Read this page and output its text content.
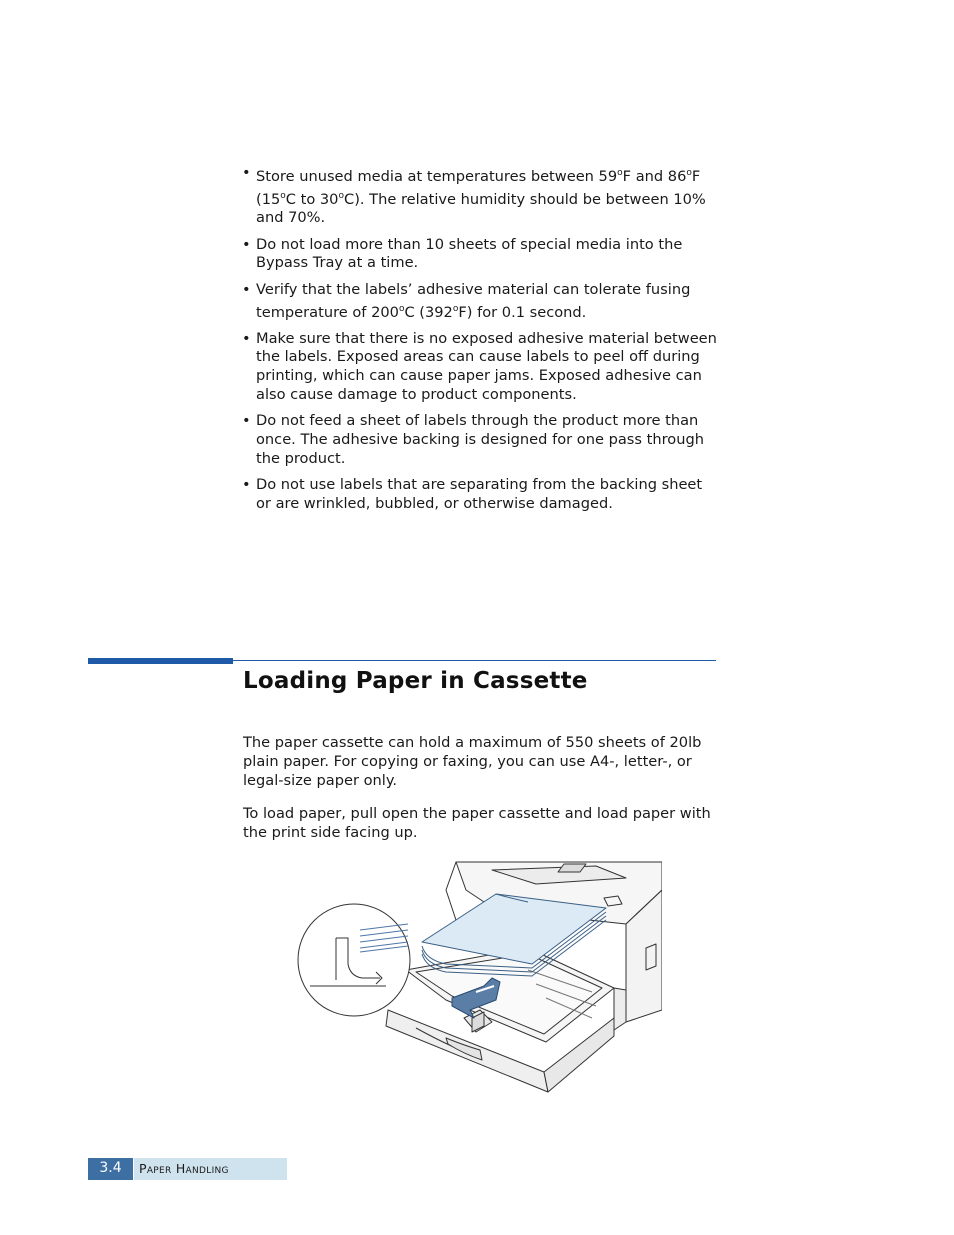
• Store unused media at temperatures between 59$^o$F and 86$^o$F (15$^o$C to 30$^o$C). The relative humidity should be between 10% and 70%.
• Do not load more than 10 sheets of special media into the Bypass Tray at a time.
• Verify that the labels’ adhesive material can tolerate fusing temperature of 200$^o$C (392$^o$F) for 0.1 second.
• Make sure that there is no exposed adhesive material between the labels. Exposed areas can cause labels to peel off during printing, which can cause paper jams. Exposed adhesive can also cause damage to product components.
• Do not feed a sheet of labels through the product more than once. The adhesive backing is designed for one pass through the product.
• Do not use labels that are separating from the backing sheet or are wrinkled, bubbled, or otherwise damaged.
Loading Paper in Cassette
The paper cassette can hold a maximum of 550 sheets of 20lb plain paper. For copying or faxing, you can use A4-, letter-, or legal-size paper only.
To load paper, pull open the paper cassette and load paper with the print side facing up.
3.4	Paper Handling
